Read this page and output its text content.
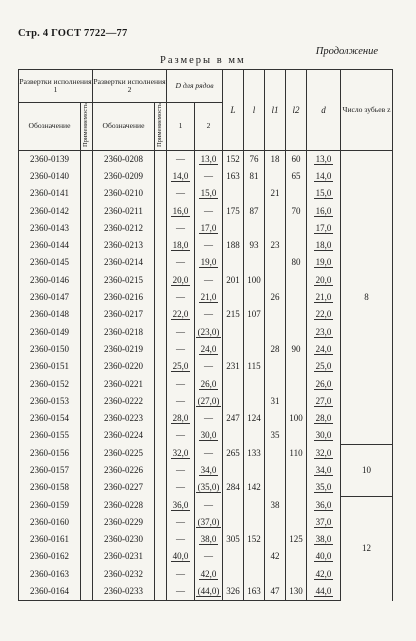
Стр. 4 ГОСТ 7722—77
Продолжение
Размеры в мм
Развертки исполнения 1		Развертки исполнения 2		D для рядов		L	l	l1	l2	d	Число зубьев z
Обозначение	Применяемость	Обозначение	Применяемость	1	2						
2360-0139		2360-0208		—	13,0	152	76	18	60	13,0	8
2360-0140		2360-0209		14,0	—	163	81		65	14,0	
2360-0141		2360-0210		—	15,0			21		15,0	
2360-0142		2360-0211		16,0	—	175	87		70	16,0	
2360-0143		2360-0212		—	17,0					17,0	
2360-0144		2360-0213		18,0	—	188	93	23		18,0	
2360-0145		2360-0214		—	19,0				80	19,0	
2360-0146		2360-0215		20,0	—	201	100			20,0	
2360-0147		2360-0216		—	21,0			26		21,0	
2360-0148		2360-0217		22,0	—	215	107			22,0	
2360-0149		2360-0218		—	(23,0)					23,0	
2360-0150		2360-0219		—	24,0			28	90	24,0	
2360-0151		2360-0220		25,0	—	231	115			25,0	
2360-0152		2360-0221		—	26,0					26,0	
2360-0153		2360-0222		—	(27,0)			31		27,0	
2360-0154		2360-0223		28,0	—	247	124		100	28,0	
2360-0155		2360-0224		—	30,0			35		30,0	
2360-0156		2360-0225		32,0	—	265	133		110	32,0	10
2360-0157		2360-0226		—	34,0					34,0	
2360-0158		2360-0227		—	(35,0)	284	142			35,0	
2360-0159		2360-0228		36,0	—			38		36,0	12
2360-0160		2360-0229		—	(37,0)					37,0	
2360-0161		2360-0230		—	38,0	305	152		125	38,0	
2360-0162		2360-0231		40,0	—			42		40,0	
2360-0163		2360-0232		—	42,0					42,0	
2360-0164		2360-0233		—	(44,0)	326	163	47	130	44,0	
